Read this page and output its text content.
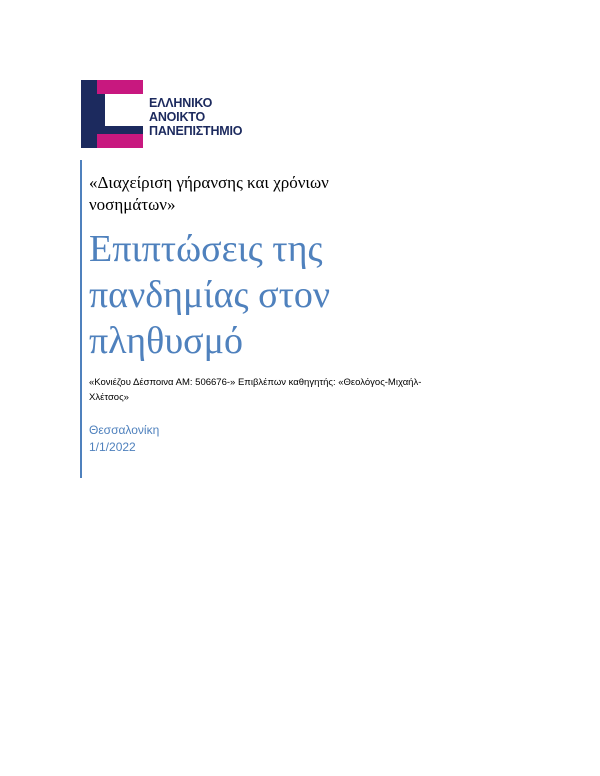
ΕΛΛΗΝΙΚΟ
ΑΝΟΙΚΤΟ
ΠΑΝΕΠΙΣΤΗΜΙΟ
«Διαχείριση γήρανσης και χρόνιων νοσημάτων»
Επιπτώσεις της πανδημίας στον πληθυσμό
«Κονιέζου Δέσποινα ΑΜ: 506676-» Επιβλέπων καθηγητής: «Θεολόγος-Μιχαήλ-Χλέτσος»
Θεσσαλονίκη
1/1/2022
